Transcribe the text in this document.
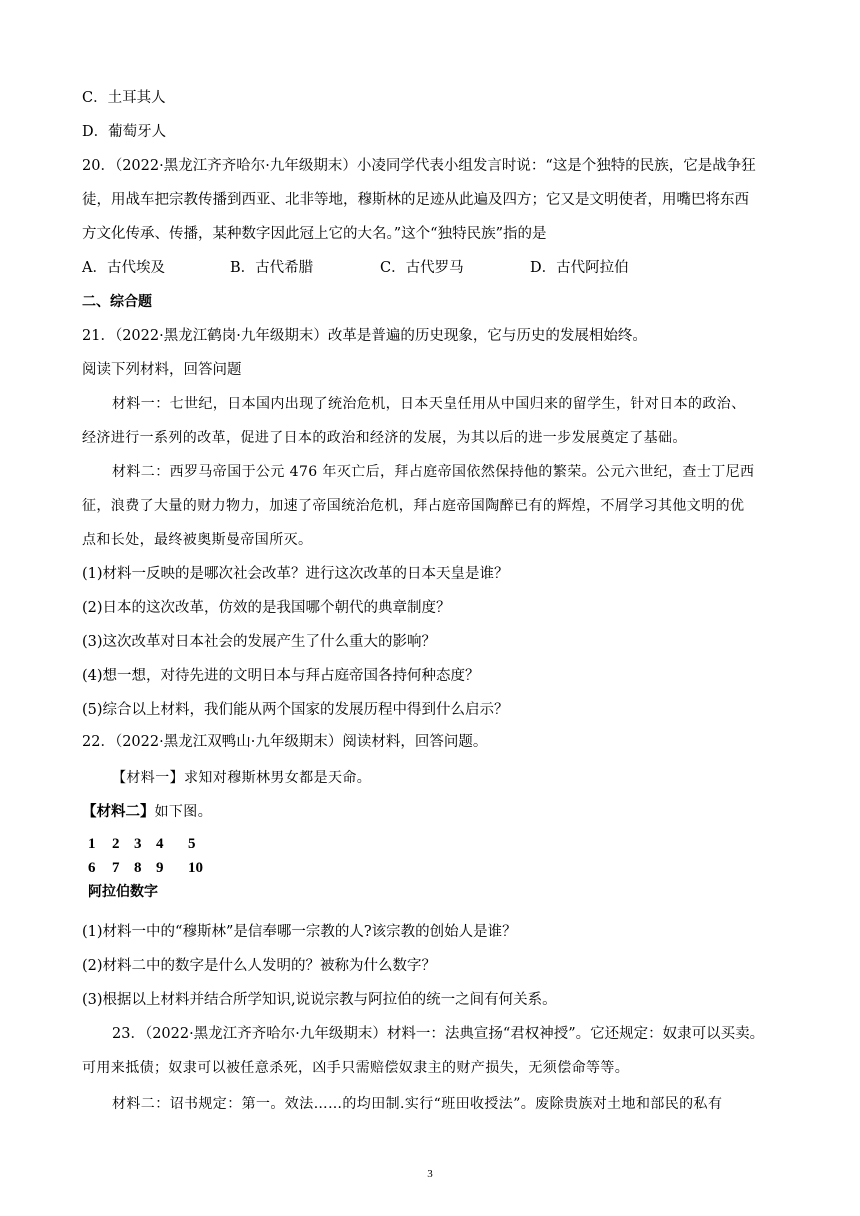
C．土耳其人
D．葡萄牙人
20．（2022·黑龙江齐齐哈尔·九年级期末）小凌同学代表小组发言时说：“这是个独特的民族，它是战争狂
徒，用战车把宗教传播到西亚、北非等地，穆斯林的足迹从此遍及四方；它又是文明使者，用嘴巴将东西
方文化传承、传播，某种数字因此冠上它的大名。”这个“独特民族”指的是
A．古代埃及	B．古代希腊	C．古代罗马	D．古代阿拉伯
二、综合题
21．（2022·黑龙江鹤岗·九年级期末）改革是普遍的历史现象，它与历史的发展相始终。
阅读下列材料，回答问题
材料一：七世纪，日本国内出现了统治危机，日本天皇任用从中国归来的留学生，针对日本的政治、
经济进行一系列的改革，促进了日本的政治和经济的发展，为其以后的进一步发展奠定了基础。
材料二：西罗马帝国于公元 476 年灭亡后，拜占庭帝国依然保持他的繁荣。公元六世纪，查士丁尼西
征，浪费了大量的财力物力，加速了帝国统治危机，拜占庭帝国陶醉已有的辉煌，不屑学习其他文明的优
点和长处，最终被奥斯曼帝国所灭。
(1)材料一反映的是哪次社会改革？进行这次改革的日本天皇是谁？
(2)日本的这次改革，仿效的是我国哪个朝代的典章制度？
(3)这次改革对日本社会的发展产生了什么重大的影响？
(4)想一想，对待先进的文明日本与拜占庭帝国各持何种态度？
(5)综合以上材料，我们能从两个国家的发展历程中得到什么启示？
22．（2022·黑龙江双鸭山·九年级期末）阅读材料，回答问题。
【材料一】求知对穆斯林男女都是天命。
【材料二】如下图。
1 2 3 4 5
6 7 8 9 10
阿拉伯数字
(1)材料一中的“穆斯林”是信奉哪一宗教的人?该宗教的创始人是谁？
(2)材料二中的数字是什么人发明的？被称为什么数字？
(3)根据以上材料并结合所学知识,说说宗教与阿拉伯的统一之间有何关系。
23．（2022·黑龙江齐齐哈尔·九年级期末）材料一：法典宣扬“君权神授”。它还规定：奴隶可以买卖。
可用来抵债；奴隶可以被任意杀死，凶手只需赔偿奴隶主的财产损失，无须偿命等等。
材料二：诏书规定：第一。效法……的均田制.实行“班田收授法”。废除贵族对土地和部民的私有
3
